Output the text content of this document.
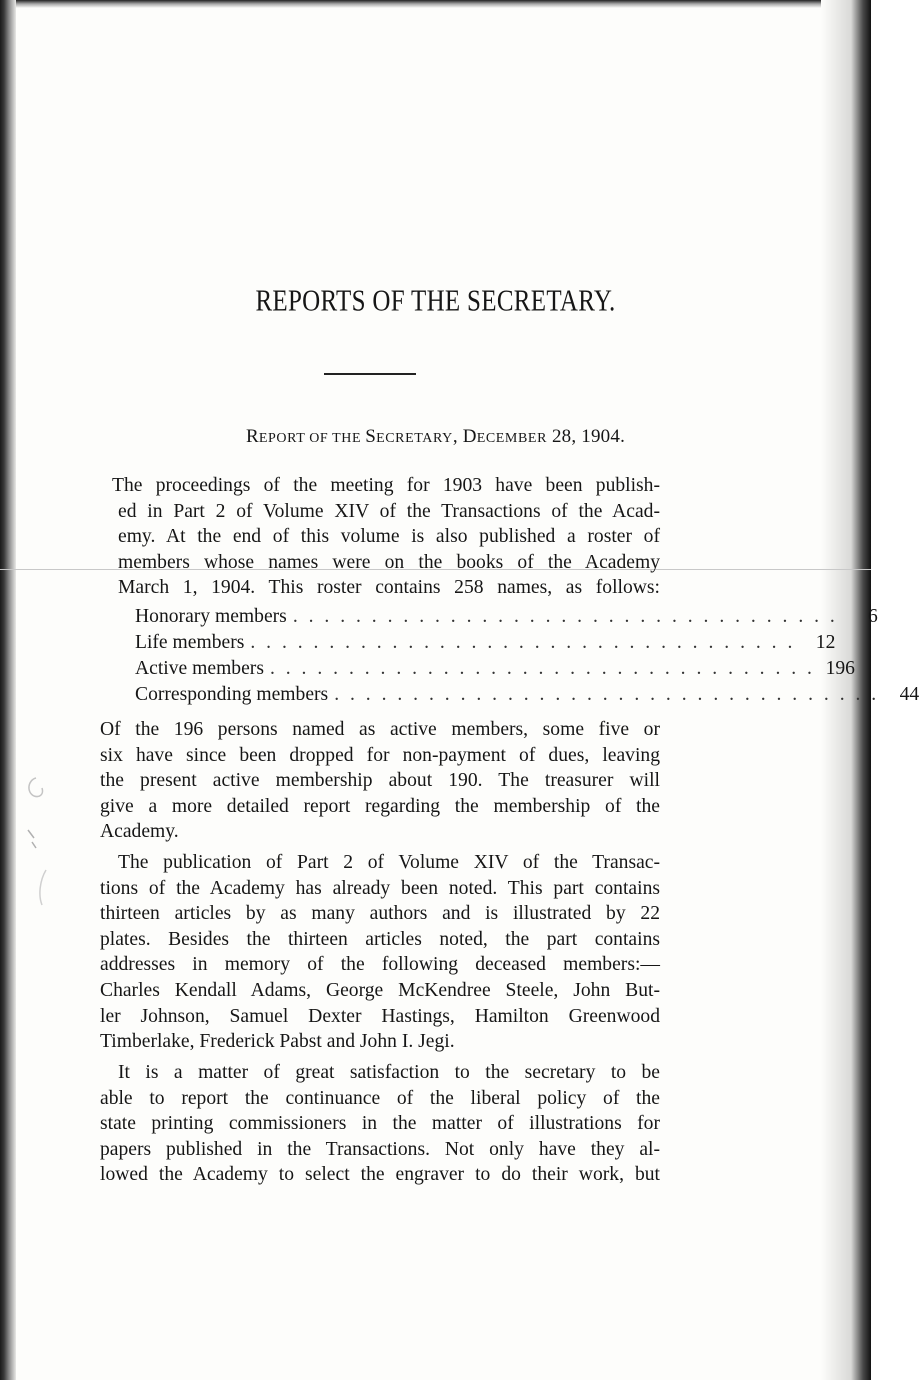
REPORTS OF THE SECRETARY.
REPORT OF THE SECRETARY, DECEMBER 28, 1904.

The proceedings of the meeting for 1903 have been publish-
ed in Part 2 of Volume XIV of the Transactions of the Acad-
emy. At the end of this volume is also published a roster of
members whose names were on the books of the Academy
March 1, 1904. This roster contains 258 names, as follows:

Honorary members . . . . . . . . . . . . . . . . . . . . . . . . . . . . . . . . . . .	6
Life members . . . . . . . . . . . . . . . . . . . . . . . . . . . . . . . . . . .	12
Active members . . . . . . . . . . . . . . . . . . . . . . . . . . . . . . . . . . . 196
Corresponding members . . . . . . . . . . . . . . . . . . . . . . . . . . . . . . . . . . .	44

Of the 196 persons named as active members, some five or
six have since been dropped for non-payment of dues, leaving
the present active membership about 190. The treasurer will
give a more detailed report regarding the membership of the
Academy.

The publication of Part 2 of Volume XIV of the Transac-
tions of the Academy has already been noted. This part contains
thirteen articles by as many authors and is illustrated by 22
plates. Besides the thirteen articles noted, the part contains
addresses in memory of the following deceased members:—
Charles Kendall Adams, George McKendree Steele, John But-
ler Johnson, Samuel Dexter Hastings, Hamilton Greenwood
Timberlake, Frederick Pabst and John I. Jegi.

It is a matter of great satisfaction to the secretary to be
able to report the continuance of the liberal policy of the
state printing commissioners in the matter of illustrations for
papers published in the Transactions. Not only have they al-
lowed the Academy to select the engraver to do their work, but
